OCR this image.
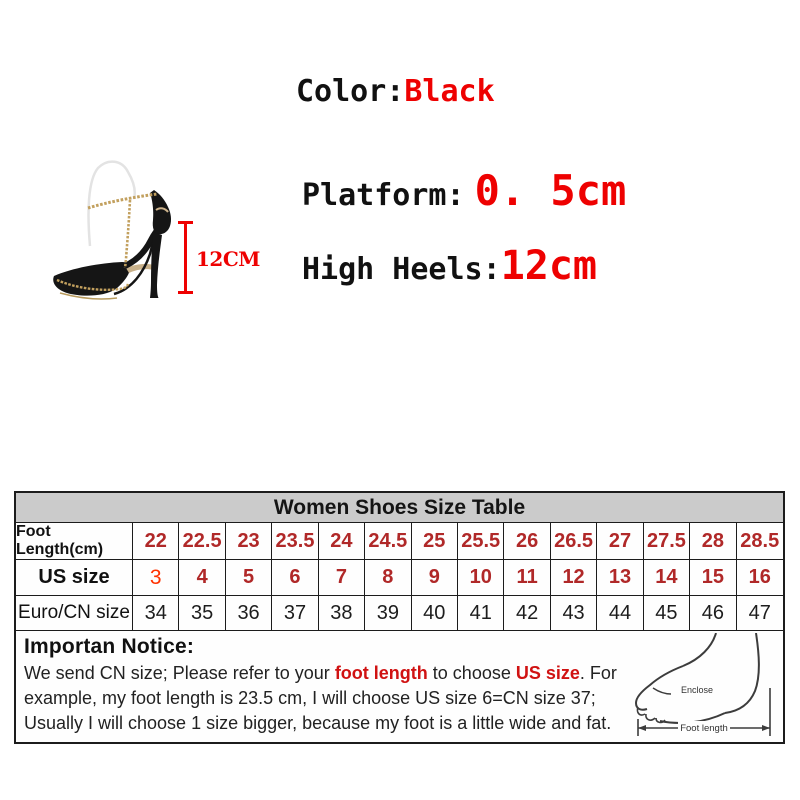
Color:Black
Platform: 0. 5cm
High Heels:12cm
12CM
Women Shoes Size Table
Foot Length(cm)	22 22.5 23 23.5 24 24.5 25 25.5 26 26.5 27 27.5 28 28.5
US size	3	4	5	6	7	8	9	10	11	12	13	14	15	16
Euro/CN size 34	35	36	37	38	39	40	41	42	43	44	45	46	47
Importan Notice:

We send CN size; Please refer to your foot length to choose US size. For example, my foot length is 23.5 cm, I will choose US size 6=CN size 37; Usually I will choose 1 size bigger, because my foot is a little wide and fat.

Enclose
Foot length
